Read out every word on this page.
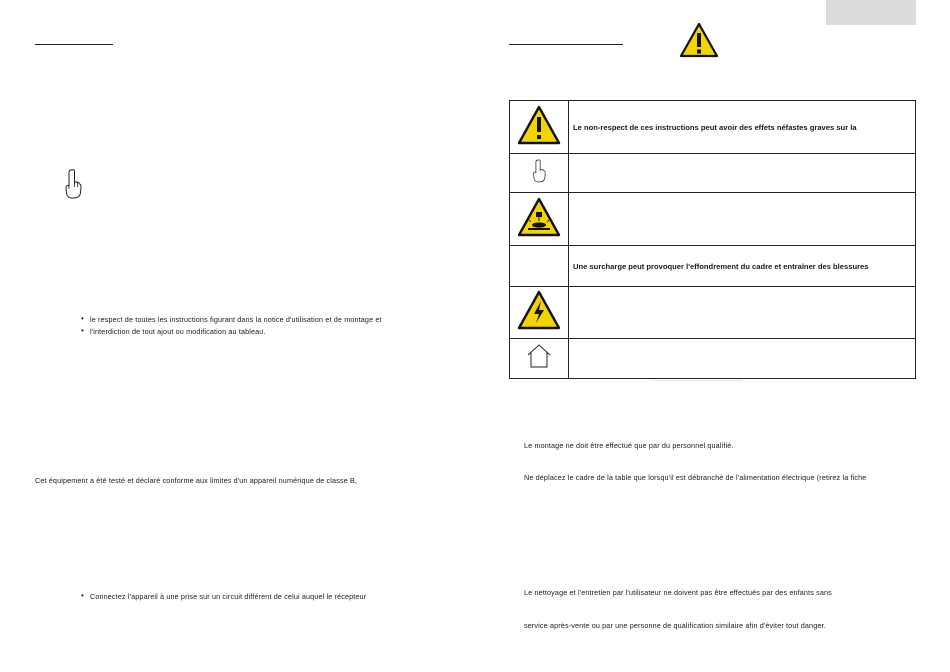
• le respect de toutes les instructions figurant dans la notice d'utilisation et de montage et
• l'interdiction de tout ajout ou modification au tableau.
Cet équipement a été testé et déclaré conforme aux limites d'un appareil numérique de classe B,
• Connectez l'appareil à une prise sur un circuit différent de celui auquel le récepteur
	Le non-respect de ces instructions peut avoir des effets néfastes graves sur la

	Une surcharge peut provoquer l'effondrement du cadre et entraîner des blessures

Le montage ne doit être effectué que par du personnel qualifié.
Ne déplacez le cadre de la table que lorsqu'il est débranché de l'alimentation électrique (retirez la fiche
Le nettoyage et l'entretien par l'utilisateur ne doivent pas être effectués par des enfants sans
service après-vente ou par une personne de qualification similaire afin d'éviter tout danger.
